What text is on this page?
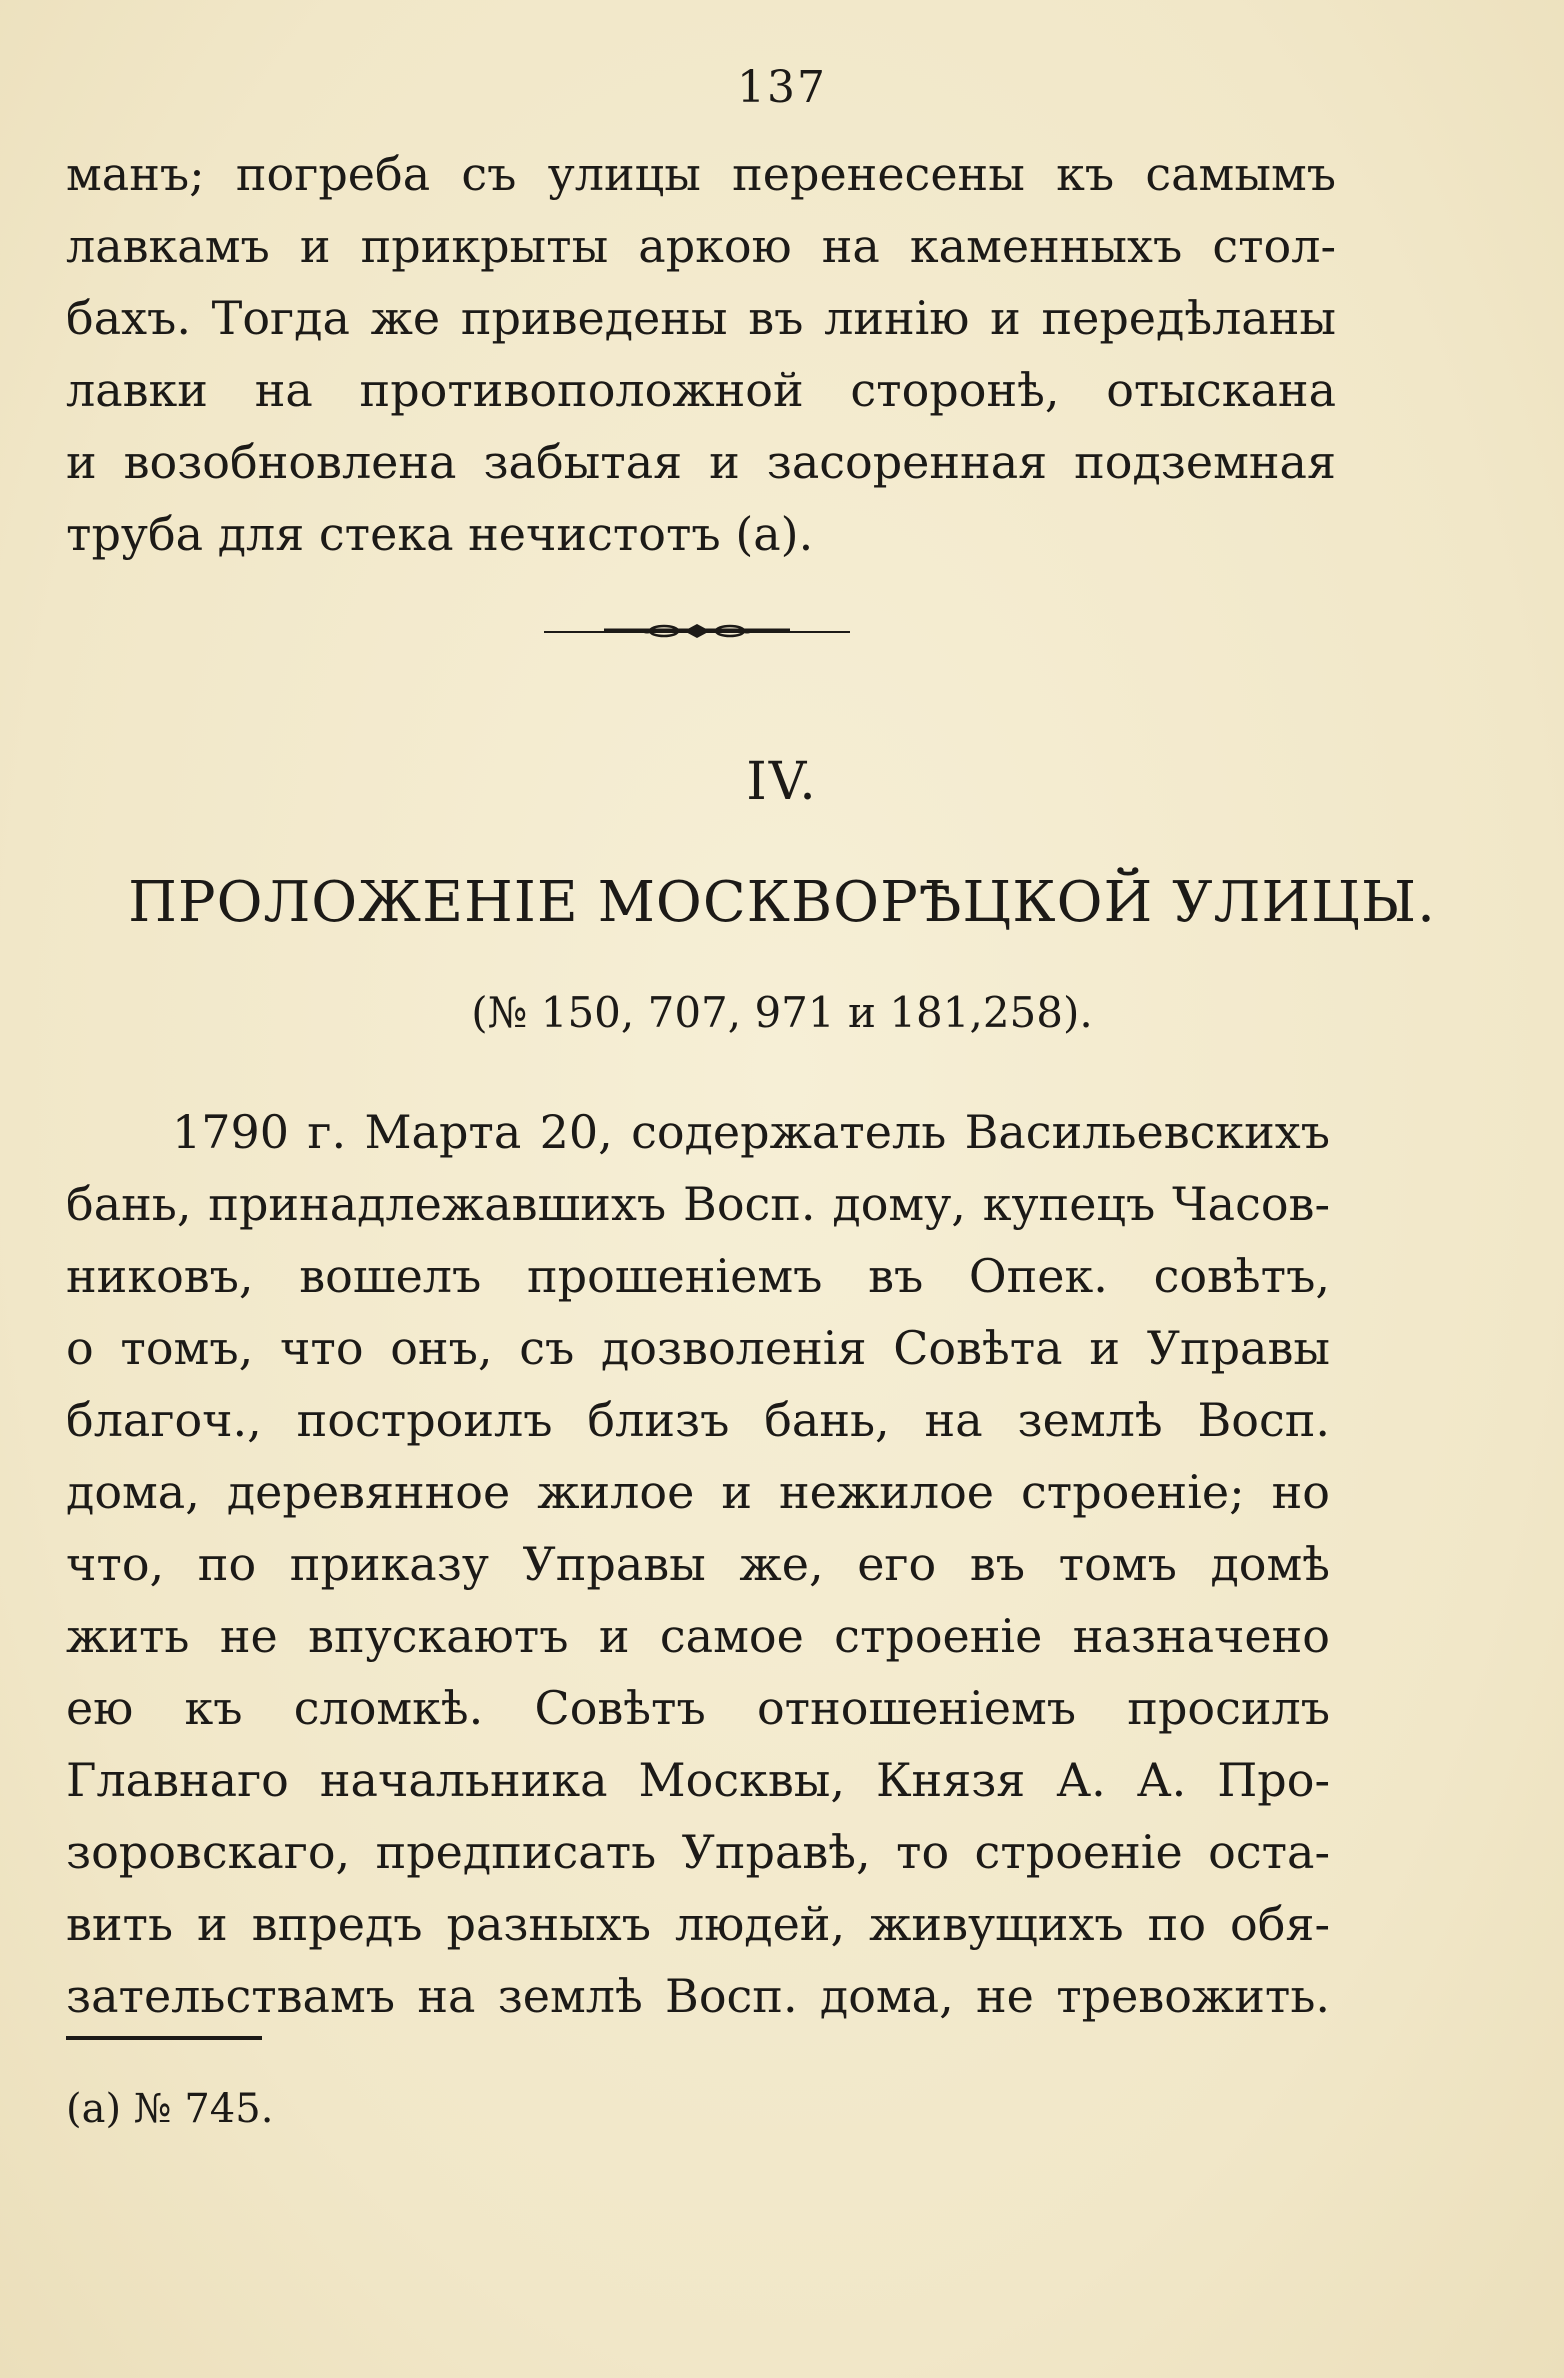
137
манъ; погреба съ улицы перенесены къ самымъ
лавкамъ и прикрыты аркою на каменныхъ стол-
бахъ. Тогда же приведены въ линію и передѣланы
лавки на противоположной сторонѣ, отыскана
и возобновлена забытая и засоренная подземная
труба для стека нечистотъ (а).
IV.
ПРОЛОЖЕНІЕ МОСКВОРѢЦКОЙ УЛИЦЫ.
(№ 150, 707, 971 и 181,258).
1790 г. Марта 20, содержатель Васильевскихъ
бань, принадлежавшихъ Восп. дому, купецъ Часов-
никовъ, вошелъ прошеніемъ въ Опек. совѣтъ,
о томъ, что онъ, съ дозволенія Совѣта и Управы
благоч., построилъ близъ бань, на землѣ Восп.
дома, деревянное жилое и нежилое строеніе; но
что, по приказу Управы же, его въ томъ домѣ
жить не впускаютъ и самое строеніе назначено
ею къ сломкѣ. Совѣтъ отношеніемъ просилъ
Главнаго начальника Москвы, Князя А. А. Про-
зоровскаго, предписать Управѣ, то строеніе оста-
вить и впредъ разныхъ людей, живущихъ по обя-
зательствамъ на землѣ Восп. дома, не тревожить.
(а) № 745.
